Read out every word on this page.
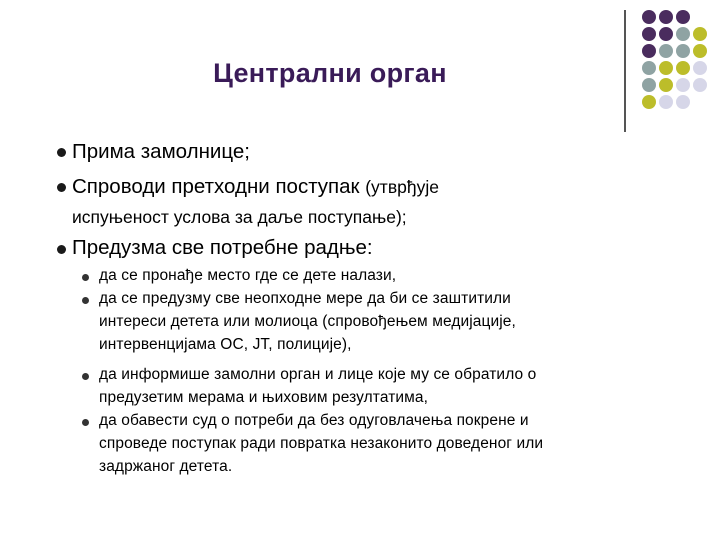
Централни орган
Прима замолнице;
Спроводи претходни поступак (утврђује
испуњеност услова за даље поступање);
Предузма све потребне радње:
да се пронађе место где се дете налази,
да се предузму све неопходне мере да би се заштитили
интереси детета или молиоца (спровођењем медијације,
интервенцијама ОС, ЈТ, полиције),
да информише замолни орган и лице које му се обратило о
предузетим мерама и њиховим резултатима,
да обавести суд о потреби да без одуговлачења покрене и
спроведе поступак ради повратка незаконито доведеног или
задржаног детета.
